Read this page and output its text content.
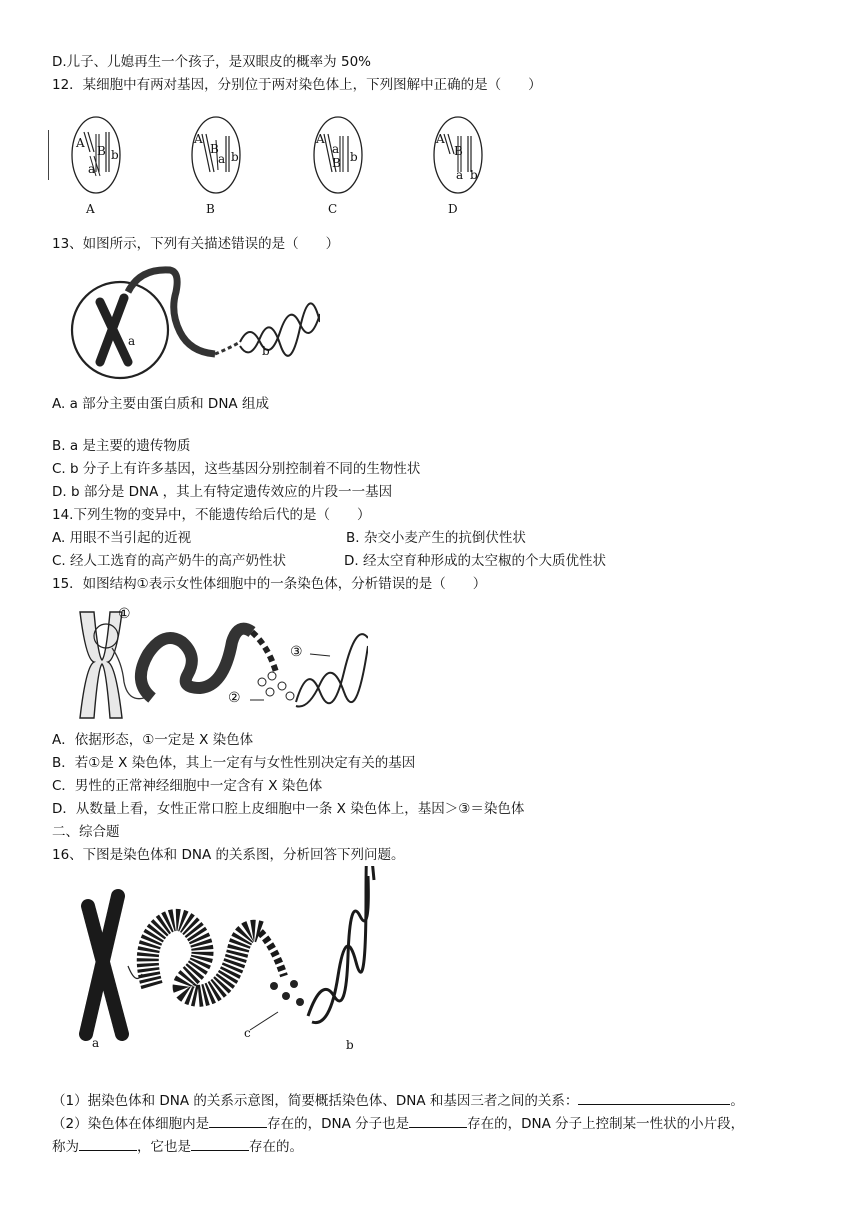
D.儿子、儿媳再生一个孩子，是双眼皮的概率为 50%
12．某细胞中有两对基因，分别位于两对染色体上，下列图解中正确的是（　　）
A
B
a
b
A
A
B
a b
B
A
a
B b
C
A
B
a b
D
13、如图所示，下列有关描述错误的是（　　）
a
b
A. a 部分主要由蛋白质和 DNA 组成
B. a 是主要的遗传物质
C. b 分子上有许多基因，这些基因分别控制着不同的生物性状
D. b 部分是 DNA ，其上有特定遗传效应的片段一一基因
14.下列生物的变异中，不能遗传给后代的是（　　）
A. 用眼不当引起的近视	B. 杂交小麦产生的抗倒伏性状
C. 经人工选育的高产奶牛的高产奶性状	D. 经太空育种形成的太空椒的个大质优性状
15．如图结构①表示女性体细胞中的一条染色体，分析错误的是（　　）
①
②
③
A．依据形态，①一定是 X 染色体
B．若①是 X 染色体，其上一定有与女性性别决定有关的基因
C．男性的正常神经细胞中一定含有 X 染色体
D．从数量上看，女性正常口腔上皮细胞中一条 X 染色体上，基因＞③＝染色体
二、综合题
16、下图是染色体和 DNA 的关系图，分析回答下列问题。
a
c
b
（1）据染色体和 DNA 的关系示意图，简要概括染色体、DNA 和基因三者之间的关系：	。
（2）染色体在体细胞内是	存在的，DNA 分子也是	存在的，DNA 分子上控制某一性状的小片段，
称为	，它也是	存在的。
